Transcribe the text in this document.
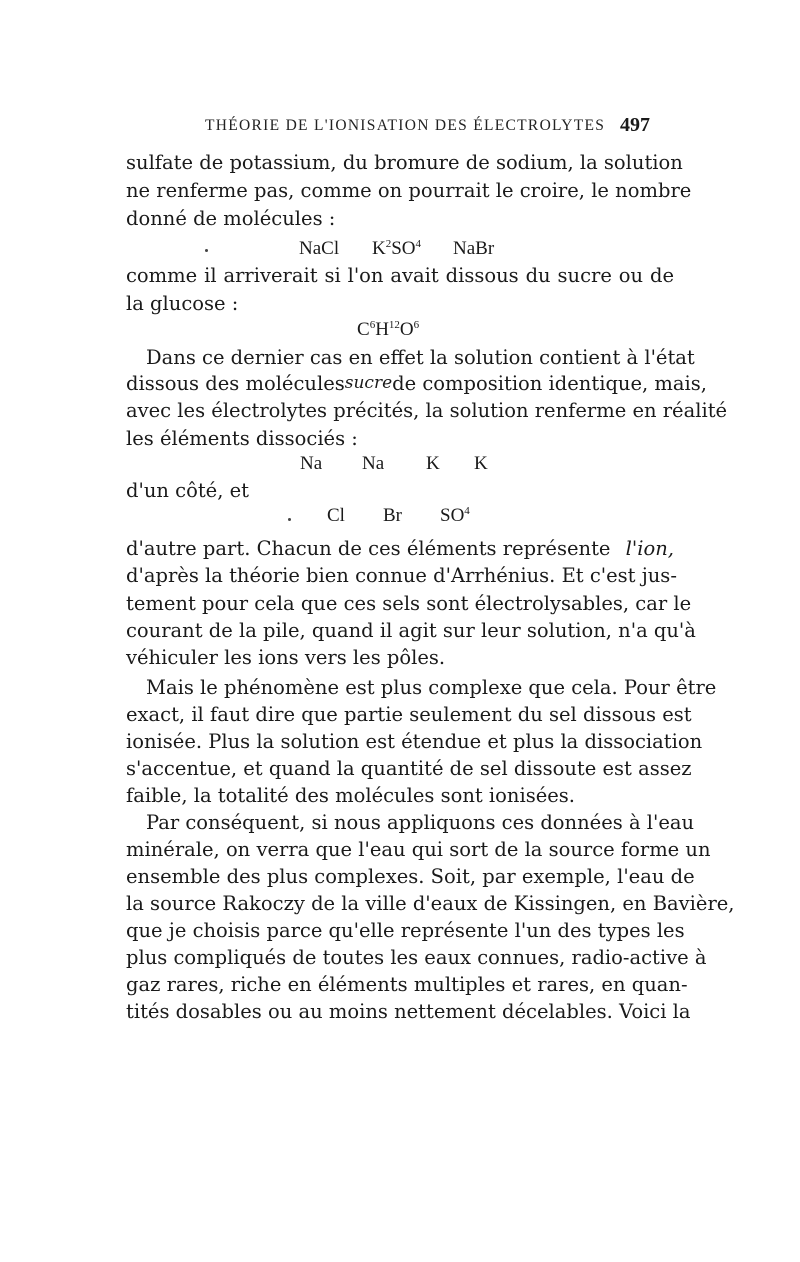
THÉORIE DE L'IONISATION DES ÉLECTROLYTES 497
sulfate de potassium, du bromure de sodium, la solution
ne renferme pas, comme on pourrait le croire, le nombre
donné de molécules :
NaCl $K^2SO^4$ NaBr
comme il arriverait si l'on avait dissous du sucre ou de
la glucose :
$C^6H^{12}O^6$
Dans ce dernier cas en effet la solution contient à l'état
dissous des molécules sucre de composition identique, mais,
avec les électrolytes précités, la solution renferme en réalité
les éléments dissociés :
Na Na K K
d'un côté, et
Cl Br $SO^4$
d'autre part. Chacun de ces éléments représente l'ion,
d'après la théorie bien connue d'Arrhénius. Et c'est jus-
tement pour cela que ces sels sont électrolysables, car le
courant de la pile, quand il agit sur leur solution, n'a qu'à
véhiculer les ions vers les pôles.
Mais le phénomène est plus complexe que cela. Pour être
exact, il faut dire que partie seulement du sel dissous est
ionisée. Plus la solution est étendue et plus la dissociation
s'accentue, et quand la quantité de sel dissoute est assez
faible, la totalité des molécules sont ionisées.
Par conséquent, si nous appliquons ces données à l'eau
minérale, on verra que l'eau qui sort de la source forme un
ensemble des plus complexes. Soit, par exemple, l'eau de
la source Rakoczy de la ville d'eaux de Kissingen, en Bavière,
que je choisis parce qu'elle représente l'un des types les
plus compliqués de toutes les eaux connues, radio-active à
gaz rares, riche en éléments multiples et rares, en quan-
tités dosables ou au moins nettement décelables. Voici la
